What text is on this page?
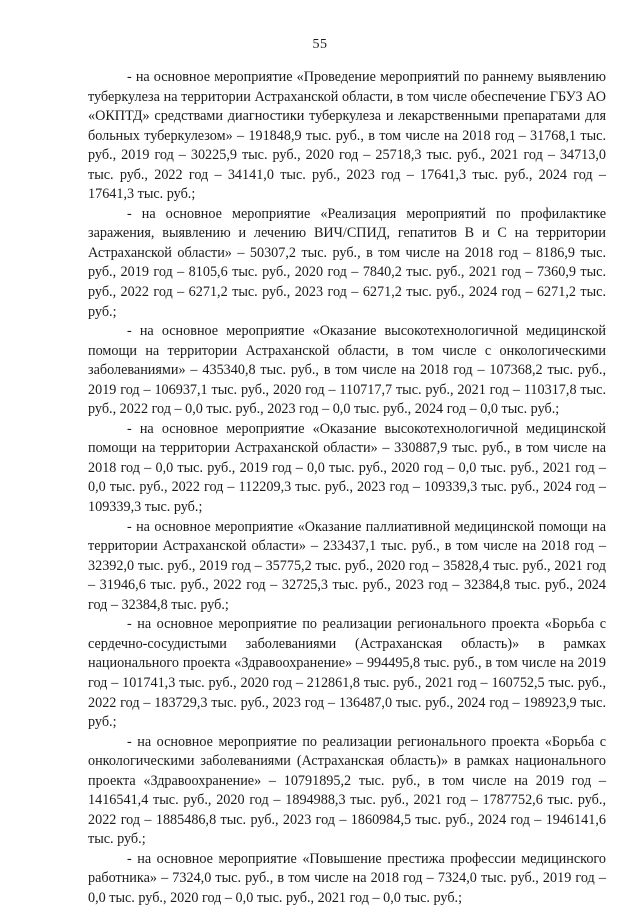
55

- на основное мероприятие «Проведение мероприятий по раннему выявлению туберкулеза на территории Астраханской области, в том числе обеспечение ГБУЗ АО «ОКПТД» средствами диагностики туберкулеза и лекарственными препаратами для больных туберкулезом» – 191848,9 тыс. руб., в том числе на 2018 год – 31768,1 тыс. руб., 2019 год – 30225,9 тыс. руб., 2020 год – 25718,3 тыс. руб., 2021 год – 34713,0 тыс. руб., 2022 год – 34141,0 тыс. руб., 2023 год – 17641,3 тыс. руб., 2024 год – 17641,3 тыс. руб.;

- на основное мероприятие «Реализация мероприятий по профилактике заражения, выявлению и лечению ВИЧ/СПИД, гепатитов В и С на территории Астраханской области» – 50307,2 тыс. руб., в том числе на 2018 год – 8186,9 тыс. руб., 2019 год – 8105,6 тыс. руб., 2020 год – 7840,2 тыс. руб., 2021 год – 7360,9 тыс. руб., 2022 год – 6271,2 тыс. руб., 2023 год – 6271,2 тыс. руб., 2024 год – 6271,2 тыс. руб.;

- на основное мероприятие «Оказание высокотехнологичной медицинской помощи на территории Астраханской области, в том числе с онкологическими заболеваниями» – 435340,8 тыс. руб., в том числе на 2018 год – 107368,2 тыс. руб., 2019 год – 106937,1 тыс. руб., 2020 год – 110717,7 тыс. руб., 2021 год – 110317,8 тыс. руб., 2022 год – 0,0 тыс. руб., 2023 год – 0,0 тыс. руб., 2024 год – 0,0 тыс. руб.;

- на основное мероприятие «Оказание высокотехнологичной медицинской помощи на территории Астраханской области» – 330887,9 тыс. руб., в том числе на 2018 год – 0,0 тыс. руб., 2019 год – 0,0 тыс. руб., 2020 год – 0,0 тыс. руб., 2021 год – 0,0 тыс. руб., 2022 год – 112209,3 тыс. руб., 2023 год – 109339,3 тыс. руб., 2024 год – 109339,3 тыс. руб.;

- на основное мероприятие «Оказание паллиативной медицинской помощи на территории Астраханской области» – 233437,1 тыс. руб., в том числе на 2018 год – 32392,0 тыс. руб., 2019 год – 35775,2 тыс. руб., 2020 год – 35828,4 тыс. руб., 2021 год – 31946,6 тыс. руб., 2022 год – 32725,3 тыс. руб., 2023 год – 32384,8 тыс. руб., 2024 год – 32384,8 тыс. руб.;

- на основное мероприятие по реализации регионального проекта «Борьба с сердечно-сосудистыми заболеваниями (Астраханская область)» в рамках национального проекта «Здравоохранение» – 994495,8 тыс. руб., в том числе на 2019 год – 101741,3 тыс. руб., 2020 год – 212861,8 тыс. руб., 2021 год – 160752,5 тыс. руб., 2022 год – 183729,3 тыс. руб., 2023 год – 136487,0 тыс. руб., 2024 год – 198923,9 тыс. руб.;

- на основное мероприятие по реализации регионального проекта «Борьба с онкологическими заболеваниями (Астраханская область)» в рамках национального проекта «Здравоохранение» – 10791895,2 тыс. руб., в том числе на 2019 год – 1416541,4 тыс. руб., 2020 год – 1894988,3 тыс. руб., 2021 год – 1787752,6 тыс. руб., 2022 год – 1885486,8 тыс. руб., 2023 год – 1860984,5 тыс. руб., 2024 год – 1946141,6 тыс. руб.;

- на основное мероприятие «Повышение престижа профессии медицинского работника» – 7324,0 тыс. руб., в том числе на 2018 год – 7324,0 тыс. руб., 2019 год – 0,0 тыс. руб., 2020 год – 0,0 тыс. руб., 2021 год – 0,0 тыс. руб.;
